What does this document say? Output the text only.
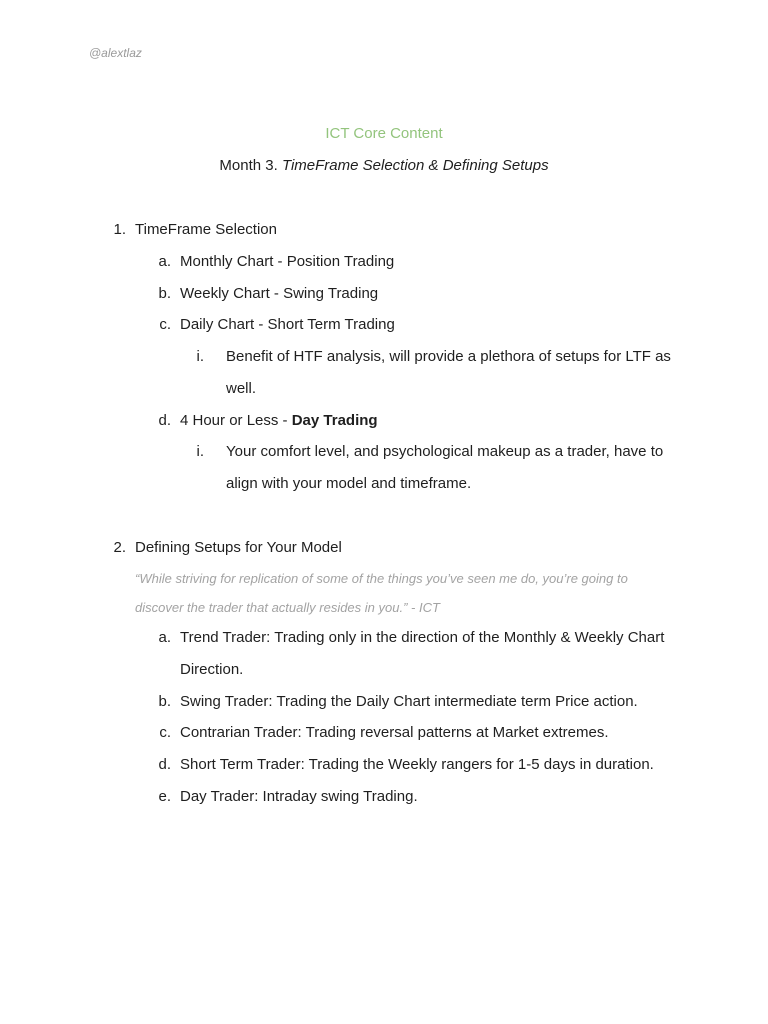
@alextlaz
ICT Core Content
Month 3. TimeFrame Selection & Defining Setups
1. TimeFrame Selection
a. Monthly Chart - Position Trading
b. Weekly Chart - Swing Trading
c. Daily Chart - Short Term Trading
i. Benefit of HTF analysis, will provide a plethora of setups for LTF as
well.
d. 4 Hour or Less - Day Trading
i. Your comfort level, and psychological makeup as a trader, have to
align with your model and timeframe.
2. Defining Setups for Your Model
“While striving for replication of some of the things you’ve seen me do, you’re going to
discover the trader that actually resides in you.” - ICT
a. Trend Trader: Trading only in the direction of the Monthly & Weekly Chart
Direction.
b. Swing Trader: Trading the Daily Chart intermediate term Price action.
c. Contrarian Trader: Trading reversal patterns at Market extremes.
d. Short Term Trader: Trading the Weekly rangers for 1-5 days in duration.
e. Day Trader: Intraday swing Trading.
